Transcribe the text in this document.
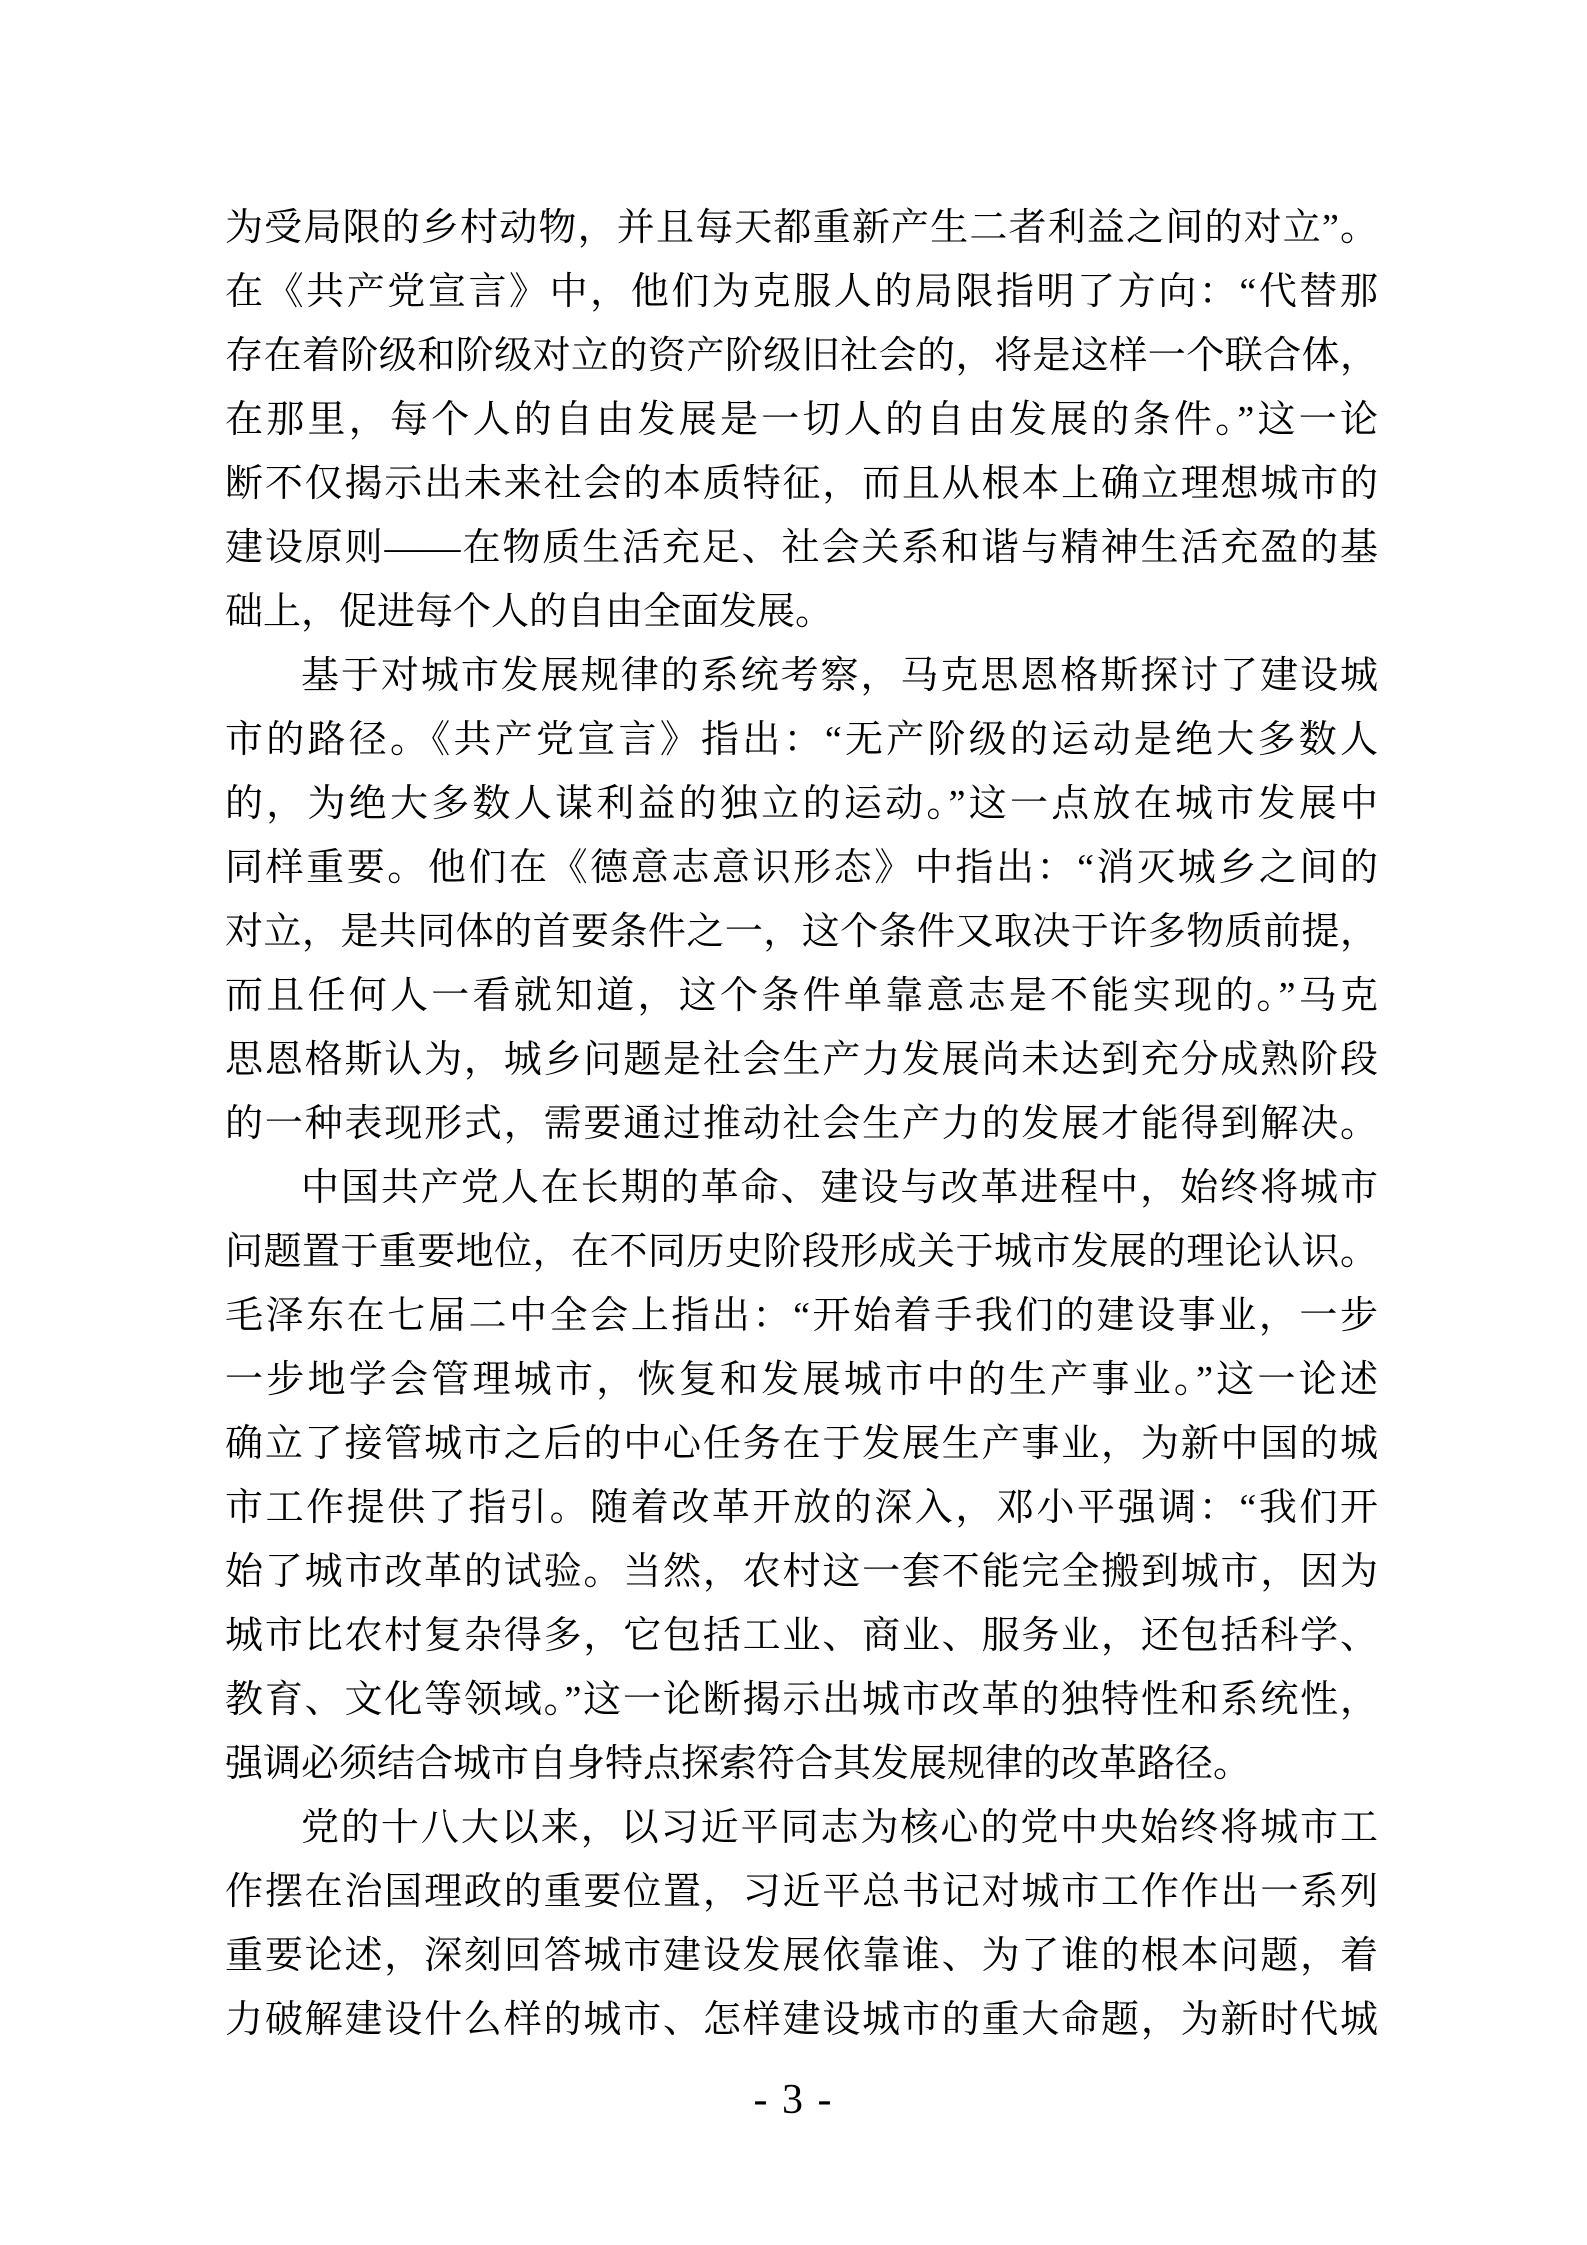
为受局限的乡村动物，并且每天都重新产生二者利益之间的对立”。
在《共产党宣言》中，他们为克服人的局限指明了方向：“代替那
存在着阶级和阶级对立的资产阶级旧社会的，将是这样一个联合体，
在那里，每个人的自由发展是一切人的自由发展的条件。”这一论
断不仅揭示出未来社会的本质特征，而且从根本上确立理想城市的
建设原则——在物质生活充足、社会关系和谐与精神生活充盈的基
础上，促进每个人的自由全面发展。
基于对城市发展规律的系统考察，马克思恩格斯探讨了建设城
市的路径。《共产党宣言》指出：“无产阶级的运动是绝大多数人
的，为绝大多数人谋利益的独立的运动。”这一点放在城市发展中
同样重要。他们在《德意志意识形态》中指出：“消灭城乡之间的
对立，是共同体的首要条件之一，这个条件又取决于许多物质前提，
而且任何人一看就知道，这个条件单靠意志是不能实现的。”马克
思恩格斯认为，城乡问题是社会生产力发展尚未达到充分成熟阶段
的一种表现形式，需要通过推动社会生产力的发展才能得到解决。
中国共产党人在长期的革命、建设与改革进程中，始终将城市
问题置于重要地位，在不同历史阶段形成关于城市发展的理论认识。
毛泽东在七届二中全会上指出：“开始着手我们的建设事业，一步
一步地学会管理城市，恢复和发展城市中的生产事业。”这一论述
确立了接管城市之后的中心任务在于发展生产事业，为新中国的城
市工作提供了指引。随着改革开放的深入，邓小平强调：“我们开
始了城市改革的试验。当然，农村这一套不能完全搬到城市，因为
城市比农村复杂得多，它包括工业、商业、服务业，还包括科学、
教育、文化等领域。”这一论断揭示出城市改革的独特性和系统性，
强调必须结合城市自身特点探索符合其发展规律的改革路径。
党的十八大以来，以习近平同志为核心的党中央始终将城市工
作摆在治国理政的重要位置，习近平总书记对城市工作作出一系列
重要论述，深刻回答城市建设发展依靠谁、为了谁的根本问题，着
力破解建设什么样的城市、怎样建设城市的重大命题，为新时代城
- 3 -
